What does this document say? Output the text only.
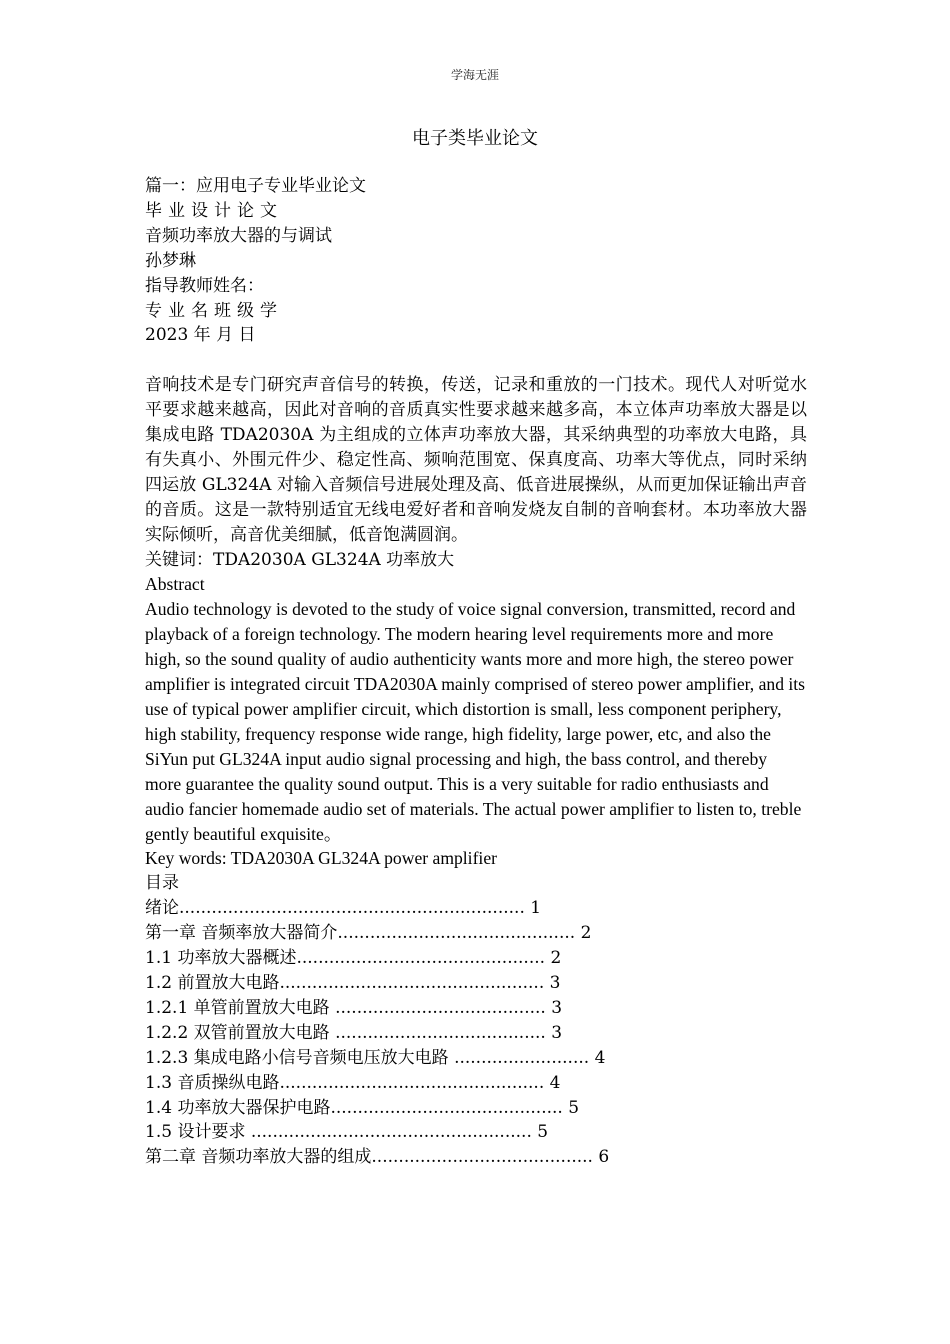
学海无涯
电子类毕业论文
篇一：应用电子专业毕业论文
毕业设计论文
音频功率放大器的与调试
孙梦琳
指导教师姓名：
专业名班级学
2023 年 月 日
音响技术是专门研究声音信号的转换，传送，记录和重放的一门技术。现代人对听觉水平要求越来越高，因此对音响的音质真实性要求越来越多高，本立体声功率放大器是以集成电路 TDA2030A 为主组成的立体声功率放大器，其采纳典型的功率放大电路，具有失真小、外围元件少、稳定性高、频响范围宽、保真度高、功率大等优点，同时采纳四运放 GL324A 对输入音频信号进展处理及高、低音进展操纵，从而更加保证输出声音的音质。这是一款特别适宜无线电爱好者和音响发烧友自制的音响套材。本功率放大器实际倾听，高音优美细腻，低音饱满圆润。
关键词：TDA2030A GL324A 功率放大
Abstract
Audio technology is devoted to the study of voice signal conversion, transmitted, record and playback of a foreign technology. The modern hearing level requirements more and more high, so the sound quality of audio authenticity wants more and more high, the stereo power amplifier is integrated circuit TDA2030A mainly comprised of stereo power amplifier, and its use of typical power amplifier circuit, which distortion is small, less component periphery, high stability, frequency response wide range, high fidelity, large power, etc, and also the SiYun put GL324A input audio signal processing and high, the bass control, and thereby more guarantee the quality sound output. This is a very suitable for radio enthusiasts and audio fancier homemade audio set of materials. The actual power amplifier to listen to, treble gently beautiful exquisite。
Key words: TDA2030A GL324A power amplifier
目录
绪论................................................................ 1
第一章 音频率放大器简介............................................ 2
1.1 功率放大器概述.............................................. 2
1.2 前置放大电路................................................. 3
1.2.1 单管前置放大电路 ....................................... 3
1.2.2 双管前置放大电路 ....................................... 3
1.2.3 集成电路小信号音频电压放大电路 ......................... 4
1.3 音质操纵电路................................................. 4
1.4 功率放大器保护电路........................................... 5
1.5 设计要求 .................................................... 5
第二章 音频功率放大器的组成......................................... 6
